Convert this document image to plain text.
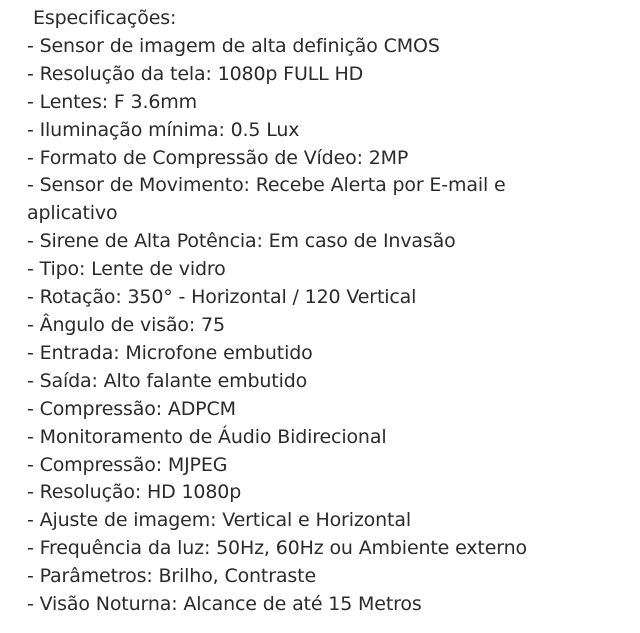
Especificações:
- Sensor de imagem de alta definição CMOS
- Resolução da tela: 1080p FULL HD
- Lentes: F 3.6mm
- Iluminação mínima: 0.5 Lux
- Formato de Compressão de Vídeo: 2MP
- Sensor de Movimento: Recebe Alerta por E-mail e
aplicativo
- Sirene de Alta Potência: Em caso de Invasão
- Tipo: Lente de vidro
- Rotação: 350° - Horizontal / 120 Vertical
- Ângulo de visão: 75
- Entrada: Microfone embutido
- Saída: Alto falante embutido
- Compressão: ADPCM
- Monitoramento de Áudio Bidirecional
- Compressão: MJPEG
- Resolução: HD 1080p
- Ajuste de imagem: Vertical e Horizontal
- Frequência da luz: 50Hz, 60Hz ou Ambiente externo
- Parâmetros: Brilho, Contraste
- Visão Noturna: Alcance de até 15 Metros
